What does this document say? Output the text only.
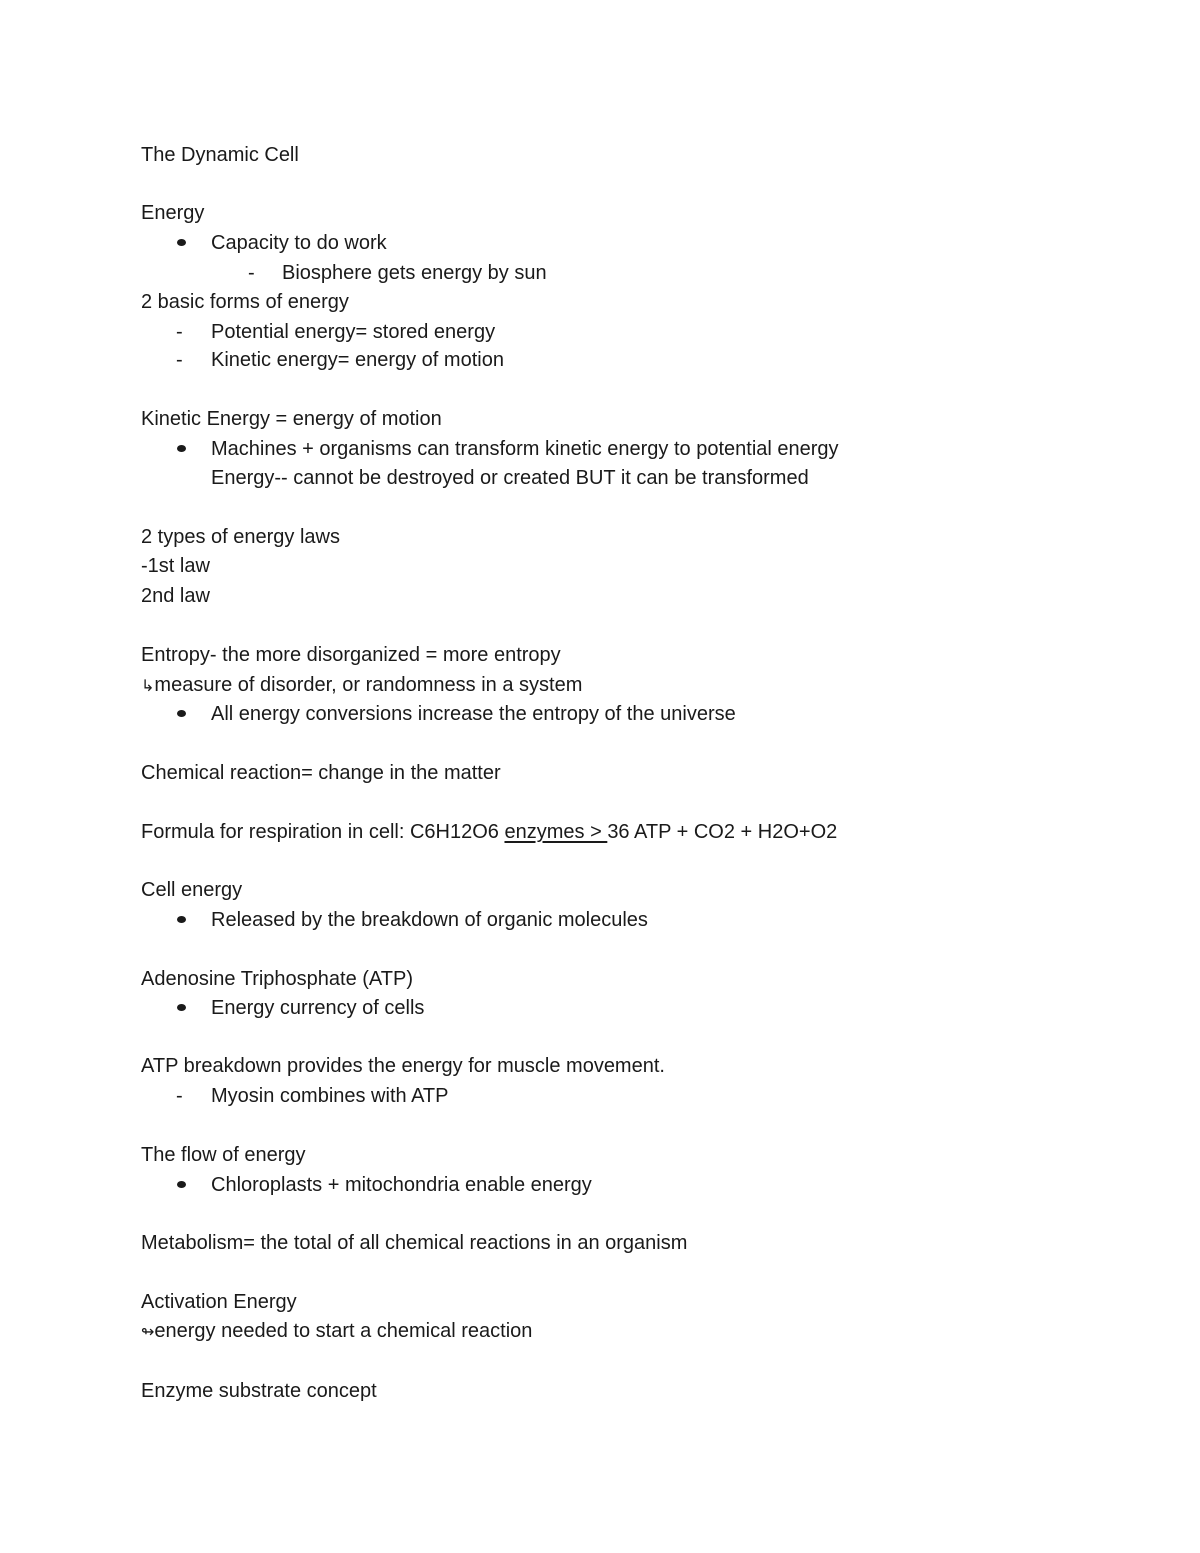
The Dynamic Cell
Energy
Capacity to do work
- Biosphere gets energy by sun
2 basic forms of energy
- Potential energy= stored energy
- Kinetic energy= energy of motion
Kinetic Energy = energy of motion
Machines + organisms can transform kinetic energy to potential energy
Energy-- cannot be destroyed or created BUT it can be transformed
2 types of energy laws
-1st law
2nd law
Entropy- the more disorganized = more entropy
↳measure of disorder, or randomness in a system
All energy conversions increase the entropy of the universe
Chemical reaction= change in the matter
Formula for respiration in cell: C6H12O6 enzymes > 36 ATP + CO2 + H2O+O2
Cell energy
Released by the breakdown of organic molecules
Adenosine Triphosphate (ATP)
Energy currency of cells
ATP breakdown provides the energy for muscle movement.
- Myosin combines with ATP
The flow of energy
Chloroplasts + mitochondria enable energy
Metabolism= the total of all chemical reactions in an organism
Activation Energy
↬energy needed to start a chemical reaction
Enzyme substrate concept
